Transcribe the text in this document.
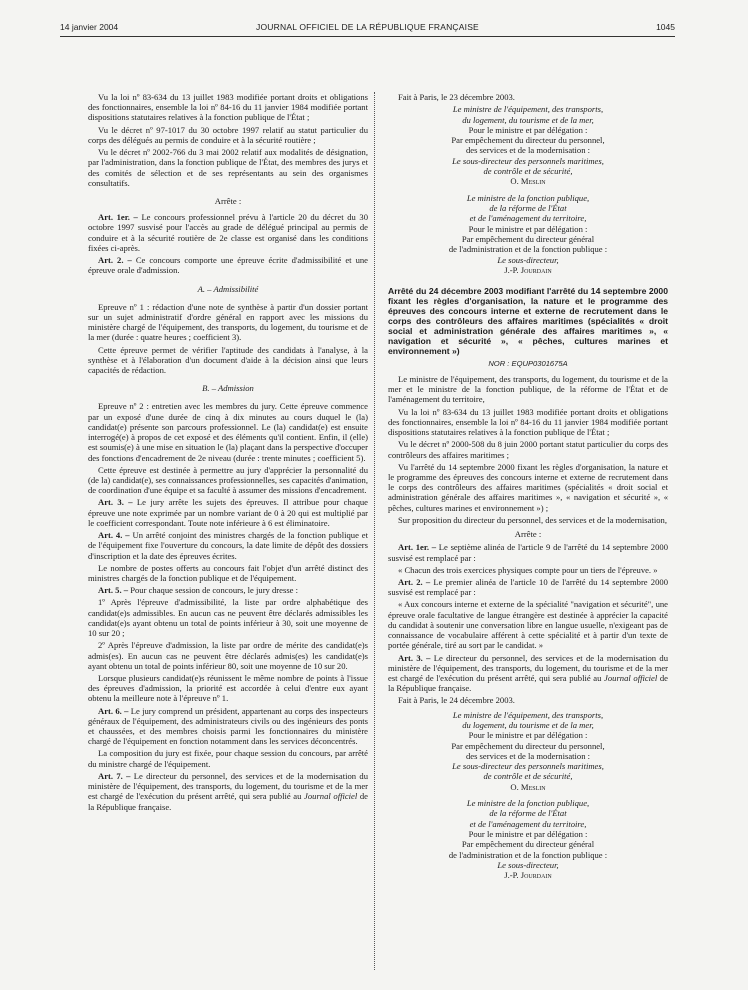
14 janvier 2004	JOURNAL OFFICIEL DE LA RÉPUBLIQUE FRANÇAISE	1045

Vu la loi nº 83-634 du 13 juillet 1983 modifiée portant droits et obligations des fonctionnaires, ensemble la loi nº 84-16 du 11 janvier 1984 modifiée portant dispositions statutaires relatives à la fonction publique de l'État ;

Vu le décret nº 97-1017 du 30 octobre 1997 relatif au statut particulier du corps des délégués au permis de conduire et à la sécurité routière ;

Vu le décret nº 2002-766 du 3 mai 2002 relatif aux modalités de désignation, par l'administration, dans la fonction publique de l'État, des membres des jurys et des comités de sélection et de ses représentants au sein des organismes consultatifs.

Arrête :

Art. 1er. – Le concours professionnel prévu à l'article 20 du décret du 30 octobre 1997 susvisé pour l'accès au grade de délégué principal au permis de conduire et à la sécurité routière de 2e classe est organisé dans les conditions fixées ci-après.

Art. 2. – Ce concours comporte une épreuve écrite d'admissibilité et une épreuve orale d'admission.

A. – Admissibilité

Epreuve nº 1 : rédaction d'une note de synthèse à partir d'un dossier portant sur un sujet administratif d'ordre général en rapport avec les missions du ministère chargé de l'équipement, des transports, du logement, du tourisme et de la mer (durée : quatre heures ; coefficient 3).

Cette épreuve permet de vérifier l'aptitude des candidats à l'analyse, à la synthèse et à l'élaboration d'un document d'aide à la décision ainsi que leurs capacités de rédaction.

B. – Admission

Epreuve nº 2 : entretien avec les membres du jury. Cette épreuve commence par un exposé d'une durée de cinq à dix minutes au cours duquel le (la) candidat(e) présente son parcours professionnel. Le (la) candidat(e) est ensuite interrogé(e) à propos de cet exposé et des éléments qu'il contient. Enfin, il (elle) est soumis(e) à une mise en situation le (la) plaçant dans la perspective d'occuper des fonctions d'encadrement de 2e niveau (durée : trente minutes ; coefficient 5).

Cette épreuve est destinée à permettre au jury d'apprécier la personnalité du (de la) candidat(e), ses connaissances professionnelles, ses capacités d'animation, de coordination d'une équipe et sa faculté à assumer des missions d'encadrement.

Art. 3. – Le jury arrête les sujets des épreuves. Il attribue pour chaque épreuve une note exprimée par un nombre variant de 0 à 20 qui est multiplié par le coefficient correspondant. Toute note inférieure à 6 est éliminatoire.

Art. 4. – Un arrêté conjoint des ministres chargés de la fonction publique et de l'équipement fixe l'ouverture du concours, la date limite de dépôt des dossiers d'inscription et la date des épreuves écrites.

Le nombre de postes offerts au concours fait l'objet d'un arrêté distinct des ministres chargés de la fonction publique et de l'équipement.

Art. 5. – Pour chaque session de concours, le jury dresse :

1º Après l'épreuve d'admissibilité, la liste par ordre alphabétique des candidat(e)s admissibles. En aucun cas ne peuvent être déclarés admissibles les candidat(e)s ayant obtenu un total de points inférieur à 30, soit une moyenne de 10 sur 20 ;

2º Après l'épreuve d'admission, la liste par ordre de mérite des candidat(e)s admis(es). En aucun cas ne peuvent être déclarés admis(es) les candidat(e)s ayant obtenu un total de points inférieur 80, soit une moyenne de 10 sur 20.

Lorsque plusieurs candidat(e)s réunissent le même nombre de points à l'issue des épreuves d'admission, la priorité est accordée à celui d'entre eux ayant obtenu la meilleure note à l'épreuve nº 1.

Art. 6. – Le jury comprend un président, appartenant au corps des inspecteurs généraux de l'équipement, des administrateurs civils ou des ingénieurs des ponts et chaussées, et des membres choisis parmi les fonctionnaires du ministère chargé de l'équipement en fonction notamment dans les services déconcentrés.

La composition du jury est fixée, pour chaque session du concours, par arrêté du ministre chargé de l'équipement.

Art. 7. – Le directeur du personnel, des services et de la modernisation du ministère de l'équipement, des transports, du logement, du tourisme et de la mer est chargé de l'exécution du présent arrêté, qui sera publié au Journal officiel de la République française.

Fait à Paris, le 23 décembre 2003.

Le ministre de l'équipement, des transports,

du logement, du tourisme et de la mer,

Pour le ministre et par délégation :

Par empêchement du directeur du personnel,

des services et de la modernisation :

Le sous-directeur des personnels maritimes,

de contrôle et de sécurité,

O. Meslin

Le ministre de la fonction publique,

de la réforme de l'État

et de l'aménagement du territoire,

Pour le ministre et par délégation :

Par empêchement du directeur général

de l'administration et de la fonction publique :

Le sous-directeur,

J.-P. Jourdain

Arrêté du 24 décembre 2003 modifiant l'arrêté du 14 septembre 2000 fixant les règles d'organisation, la nature et le programme des épreuves des concours interne et externe de recrutement dans le corps des contrôleurs des affaires maritimes (spécialités « droit social et administration générale des affaires maritimes », « navigation et sécurité », « pêches, cultures marines et environnement »)

NOR : EQUP0301675A

Le ministre de l'équipement, des transports, du logement, du tourisme et de la mer et le ministre de la fonction publique, de la réforme de l'État et de l'aménagement du territoire,

Vu la loi nº 83-634 du 13 juillet 1983 modifiée portant droits et obligations des fonctionnaires, ensemble la loi nº 84-16 du 11 janvier 1984 modifiée portant dispositions statutaires relatives à la fonction publique de l'État ;

Vu le décret nº 2000-508 du 8 juin 2000 portant statut particulier du corps des contrôleurs des affaires maritimes ;

Vu l'arrêté du 14 septembre 2000 fixant les règles d'organisation, la nature et le programme des épreuves des concours interne et externe de recrutement dans le corps des contrôleurs des affaires maritimes (spécialités « droit social et administration générale des affaires maritimes », « navigation et sécurité », « pêches, cultures marines et environnement ») ;

Sur proposition du directeur du personnel, des services et de la modernisation,

Arrête :

Art. 1er. – Le septième alinéa de l'article 9 de l'arrêté du 14 septembre 2000 susvisé est remplacé par :

« Chacun des trois exercices physiques compte pour un tiers de l'épreuve. »

Art. 2. – Le premier alinéa de l'article 10 de l'arrêté du 14 septembre 2000 susvisé est remplacé par :

« Aux concours interne et externe de la spécialité "navigation et sécurité", une épreuve orale facultative de langue étrangère est destinée à apprécier la capacité du candidat à soutenir une conversation libre en langue usuelle, n'exigeant pas de connaissance de vocabulaire afférent à cette spécialité et à partir d'un texte de portée générale, tiré au sort par le candidat. »

Art. 3. – Le directeur du personnel, des services et de la modernisation du ministère de l'équipement, des transports, du logement, du tourisme et de la mer est chargé de l'exécution du présent arrêté, qui sera publié au Journal officiel de la République française.

Fait à Paris, le 24 décembre 2003.

Le ministre de l'équipement, des transports,

du logement, du tourisme et de la mer,

Pour le ministre et par délégation :

Par empêchement du directeur du personnel,

des services et de la modernisation :

Le sous-directeur des personnels maritimes,

de contrôle et de sécurité,

O. Meslin

Le ministre de la fonction publique,

de la réforme de l'État

et de l'aménagement du territoire,

Pour le ministre et par délégation :

Par empêchement du directeur général

de l'administration et de la fonction publique :

Le sous-directeur,

J.-P. Jourdain
